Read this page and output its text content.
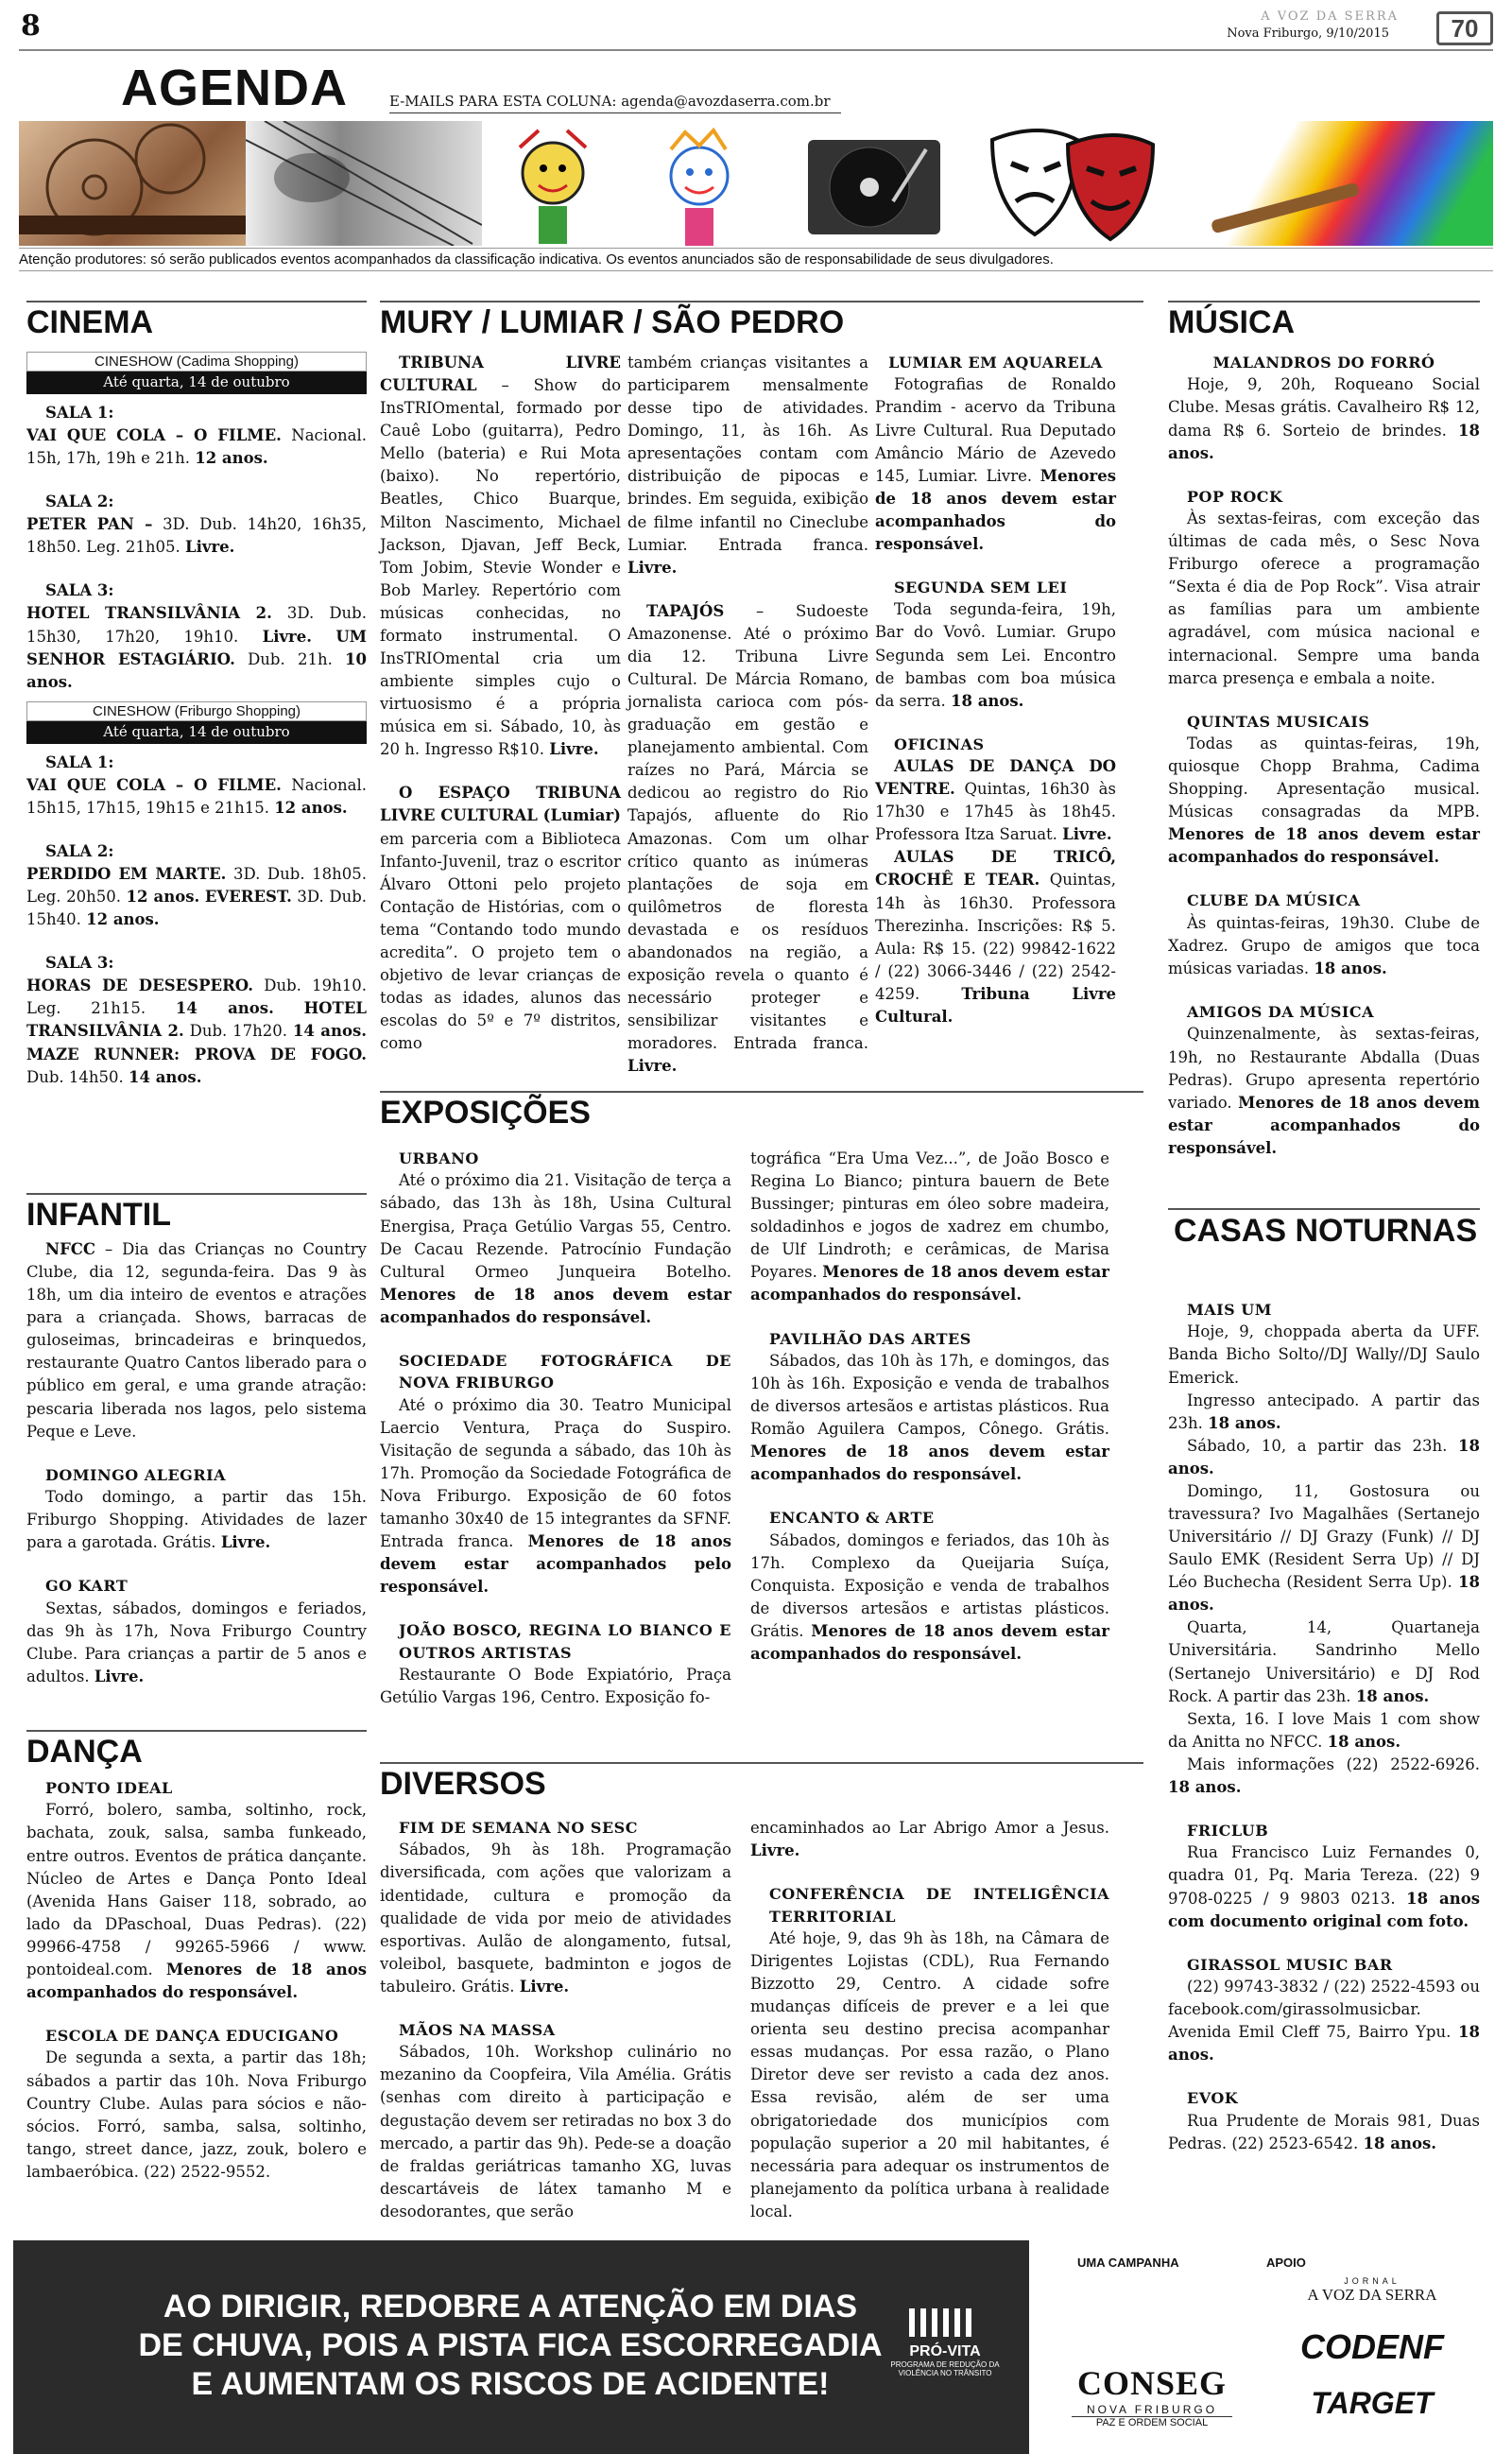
8	A VOZ DA SERRA
Nova Friburgo, 9/10/2015	70
AGENDA	E-MAILS PARA ESTA COLUNA: agenda@avozdaserra.com.br
Atenção produtores: só serão publicados eventos acompanhados da classificação indicativa. Os eventos anunciados são de responsabilidade de seus divulgadores.
CINEMA
CINESHOW (Cadima Shopping)
Até quarta, 14 de outubro

SALA 1:

VAI QUE COLA – O FILME. Nacional. 15h, 17h, 19h e 21h. 12 anos.

SALA 2:

PETER PAN – 3D. Dub. 14h20, 16h35, 18h50. Leg. 21h05. Livre.

SALA 3:

HOTEL TRANSILVÂNIA 2. 3D. Dub. 15h30, 17h20, 19h10. Livre. UM SENHOR ESTAGIÁRIO. Dub. 21h. 10 anos.

CINESHOW (Friburgo Shopping)
Até quarta, 14 de outubro

SALA 1:

VAI QUE COLA – O FILME. Nacional. 15h15, 17h15, 19h15 e 21h15. 12 anos.

SALA 2:

PERDIDO EM MARTE. 3D. Dub. 18h05. Leg. 20h50. 12 anos. EVEREST. 3D. Dub. 15h40. 12 anos.

SALA 3:

HORAS DE DESESPERO. Dub. 19h10. Leg. 21h15. 14 anos. HOTEL TRANSILVÂNIA 2. Dub. 17h20. 14 anos. MAZE RUNNER: PROVA DE FOGO. Dub. 14h50. 14 anos.

INFANTIL

NFCC – Dia das Crianças no Country Clube, dia 12, segunda-feira. Das 9 às 18h, um dia inteiro de eventos e atrações para a criançada. Shows, barracas de guloseimas, brincadeiras e brinquedos, restaurante Quatro Cantos liberado para o público em geral, e uma grande atração: pescaria liberada nos lagos, pelo sistema Peque e Leve.

DOMINGO ALEGRIA

Todo domingo, a partir das 15h. Friburgo Shopping. Atividades de lazer para a garotada. Grátis. Livre.

GO KART

Sextas, sábados, domingos e feriados, das 9h às 17h, Nova Friburgo Country Clube. Para crianças a partir de 5 anos e adultos. Livre.

DANÇA

PONTO IDEAL

Forró, bolero, samba, soltinho, rock, bachata, zouk, salsa, samba funkeado, entre outros. Eventos de prática dançante. Núcleo de Artes e Dança Ponto Ideal (Avenida Hans Gaiser 118, sobrado, ao lado da DPaschoal, Duas Pedras). (22) 99966-4758 / 99265-5966 / www. pontoideal.com. Menores de 18 anos acompanhados do responsável.

ESCOLA DE DANÇA EDUCIGANO

De segunda a sexta, a partir das 18h; sábados a partir das 10h. Nova Friburgo Country Clube. Aulas para sócios e não-sócios. Forró, samba, salsa, soltinho, tango, street dance, jazz, zouk, bolero e lambaeróbica. (22) 2522-9552.

MURY / LUMIAR / SÃO PEDRO

TRIBUNA LIVRE CULTURAL – Show do InsTRIOmental, formado por Cauê Lobo (guitarra), Pedro Mello (bateria) e Rui Mota (baixo). No repertório, Beatles, Chico Buarque, Milton Nascimento, Michael Jackson, Djavan, Jeff Beck, Tom Jobim, Stevie Wonder e Bob Marley. Repertório com músicas conhecidas, no formato instrumental. O InsTRIOmental cria um ambiente simples cujo o virtuosismo é a própria música em si. Sábado, 10, às 20 h. Ingresso R$10. Livre.

O ESPAÇO TRIBUNA LIVRE CULTURAL (Lumiar) em parceria com a Biblioteca Infanto-Juvenil, traz o escritor Álvaro Ottoni pelo projeto Contação de Histórias, com o tema “Contando todo mundo acredita”. O projeto tem o objetivo de levar crianças de todas as idades, alunos das escolas do 5º e 7º distritos, como

também crianças visitantes a participarem mensalmente desse tipo de atividades. Domingo, 11, às 16h. As apresentações contam com distribuição de pipocas e brindes. Em seguida, exibição de filme infantil no Cineclube Lumiar. Entrada franca. Livre.

TAPAJÓS – Sudoeste Amazonense. Até o próximo dia 12. Tribuna Livre Cultural. De Márcia Romano, jornalista carioca com pós-graduação em gestão e planejamento ambiental. Com raízes no Pará, Márcia se dedicou ao registro do Rio Tapajós, afluente do Rio Amazonas. Com um olhar crítico quanto as inúmeras plantações de soja em quilômetros de floresta devastada e os resíduos abandonados na região, a exposição revela o quanto é necessário proteger e sensibilizar visitantes e moradores. Entrada franca. Livre.

LUMIAR EM AQUARELA

Fotografias de Ronaldo Prandim - acervo da Tribuna Livre Cultural. Rua Deputado Amâncio Mário de Azevedo 145, Lumiar. Livre. Menores de 18 anos devem estar acompanhados do responsável.

SEGUNDA SEM LEI

Toda segunda-feira, 19h, Bar do Vovô. Lumiar. Grupo Segunda sem Lei. Encontro de bambas com boa música da serra. 18 anos.

OFICINAS

AULAS DE DANÇA DO VENTRE. Quintas, 16h30 às 17h30 e 17h45 às 18h45. Professora Itza Saruat. Livre.

AULAS DE TRICÔ, CROCHÊ E TEAR. Quintas, 14h às 16h30. Professora Therezinha. Inscrições: R$ 5. Aula: R$ 15. (22) 99842-1622 / (22) 3066-3446 / (22) 2542-4259. Tribuna Livre Cultural.

EXPOSIÇÕES

URBANO

Até o próximo dia 21. Visitação de terça a sábado, das 13h às 18h, Usina Cultural Energisa, Praça Getúlio Vargas 55, Centro. De Cacau Rezende. Patrocínio Fundação Cultural Ormeo Junqueira Botelho. Menores de 18 anos devem estar acompanhados do responsável.

SOCIEDADE FOTOGRÁFICA DE NOVA FRIBURGO

Até o próximo dia 30. Teatro Municipal Laercio Ventura, Praça do Suspiro. Visitação de segunda a sábado, das 10h às 17h. Promoção da Sociedade Fotográfica de Nova Friburgo. Exposição de 60 fotos tamanho 30x40 de 15 integrantes da SFNF. Entrada franca. Menores de 18 anos devem estar acompanhados pelo responsável.

JOÃO BOSCO, REGINA LO BIANCO E OUTROS ARTISTAS

Restaurante O Bode Expiatório, Praça Getúlio Vargas 196, Centro. Exposição fo-

tográfica “Era Uma Vez...”, de João Bosco e Regina Lo Bianco; pintura bauern de Bete Bussinger; pinturas em óleo sobre madeira, soldadinhos e jogos de xadrez em chumbo, de Ulf Lindroth; e cerâmicas, de Marisa Poyares. Menores de 18 anos devem estar acompanhados do responsável.

PAVILHÃO DAS ARTES

Sábados, das 10h às 17h, e domingos, das 10h às 16h. Exposição e venda de trabalhos de diversos artesãos e artistas plásticos. Rua Romão Aguilera Campos, Cônego. Grátis. Menores de 18 anos devem estar acompanhados do responsável.

ENCANTO & ARTE

Sábados, domingos e feriados, das 10h às 17h. Complexo da Queijaria Suíça, Conquista. Exposição e venda de trabalhos de diversos artesãos e artistas plásticos. Grátis. Menores de 18 anos devem estar acompanhados do responsável.

DIVERSOS

FIM DE SEMANA NO SESC

Sábados, 9h às 18h. Programação diversificada, com ações que valorizam a identidade, cultura e promoção da qualidade de vida por meio de atividades esportivas. Aulão de alongamento, futsal, voleibol, basquete, badminton e jogos de tabuleiro. Grátis. Livre.

MÃOS NA MASSA

Sábados, 10h. Workshop culinário no mezanino da Coopfeira, Vila Amélia. Grátis (senhas com direito à participação e degustação devem ser retiradas no box 3 do mercado, a partir das 9h). Pede-se a doação de fraldas geriátricas tamanho XG, luvas descartáveis de látex tamanho M e desodorantes, que serão

encaminhados ao Lar Abrigo Amor a Jesus. Livre.

CONFERÊNCIA DE INTELIGÊNCIA TERRITORIAL

Até hoje, 9, das 9h às 18h, na Câmara de Dirigentes Lojistas (CDL), Rua Fernando Bizzotto 29, Centro. A cidade sofre mudanças difíceis de prever e a lei que orienta seu destino precisa acompanhar essas mudanças. Por essa razão, o Plano Diretor deve ser revisto a cada dez anos. Essa revisão, além de ser uma obrigatoriedade dos municípios com população superior a 20 mil habitantes, é necessária para adequar os instrumentos de planejamento da política urbana à realidade local.

MÚSICA

MALANDROS DO FORRÓ

Hoje, 9, 20h, Roqueano Social Clube. Mesas grátis. Cavalheiro R$ 12, dama R$ 6. Sorteio de brindes. 18 anos.

POP ROCK

Às sextas-feiras, com exceção das últimas de cada mês, o Sesc Nova Friburgo oferece a programação “Sexta é dia de Pop Rock”. Visa atrair as famílias para um ambiente agradável, com música nacional e internacional. Sempre uma banda marca presença e embala a noite.

QUINTAS MUSICAIS

Todas as quintas-feiras, 19h, quiosque Chopp Brahma, Cadima Shopping. Apresentação musical. Músicas consagradas da MPB. Menores de 18 anos devem estar acompanhados do responsável.

CLUBE DA MÚSICA

Às quintas-feiras, 19h30. Clube de Xadrez. Grupo de amigos que toca músicas variadas. 18 anos.

AMIGOS DA MÚSICA

Quinzenalmente, às sextas-feiras, 19h, no Restaurante Abdalla (Duas Pedras). Grupo apresenta repertório variado. Menores de 18 anos devem estar acompanhados do responsável.

CASAS NOTURNAS

MAIS UM

Hoje, 9, choppada aberta da UFF. Banda Bicho Solto//DJ Wally//DJ Saulo Emerick.

Ingresso antecipado. A partir das 23h. 18 anos.

Sábado, 10, a partir das 23h. 18 anos.

Domingo, 11, Gostosura ou travessura? Ivo Magalhães (Sertanejo Universitário // DJ Grazy (Funk) // DJ Saulo EMK (Resident Serra Up) // DJ Léo Buchecha (Resident Serra Up). 18 anos.

Quarta, 14, Quartaneja Universitária. Sandrinho Mello (Sertanejo Universitário) e DJ Rod Rock. A partir das 23h. 18 anos.

Sexta, 16. I love Mais 1 com show da Anitta no NFCC. 18 anos.

Mais informações (22) 2522-6926. 18 anos.

FRICLUB

Rua Francisco Luiz Fernandes 0, quadra 01, Pq. Maria Tereza. (22) 9 9708-0225 / 9 9803 0213. 18 anos com documento original com foto.

GIRASSOL MUSIC BAR

(22) 99743-3832 / (22) 2522-4593 ou facebook.com/girassolmusicbar. Avenida Emil Cleff 75, Bairro Ypu. 18 anos.

EVOK

Rua Prudente de Morais 981, Duas Pedras. (22) 2523-6542. 18 anos.

AO DIRIGIR, REDOBRE A ATENÇÃO EM DIAS
DE CHUVA, POIS A PISTA FICA ESCORREGADIA
E AUMENTAM OS RISCOS DE ACIDENTE!
PRÓ-VITA
PROGRAMA DE REDUÇÃO DA VIOLÊNCIA NO TRÂNSITO
UMA CAMPANHA	APOIO
CONSEG
NOVA FRIBURGO
PAZ E ORDEM SOCIAL
JORNAL
A VOZ DA SERRA
CODENF
TARGET
